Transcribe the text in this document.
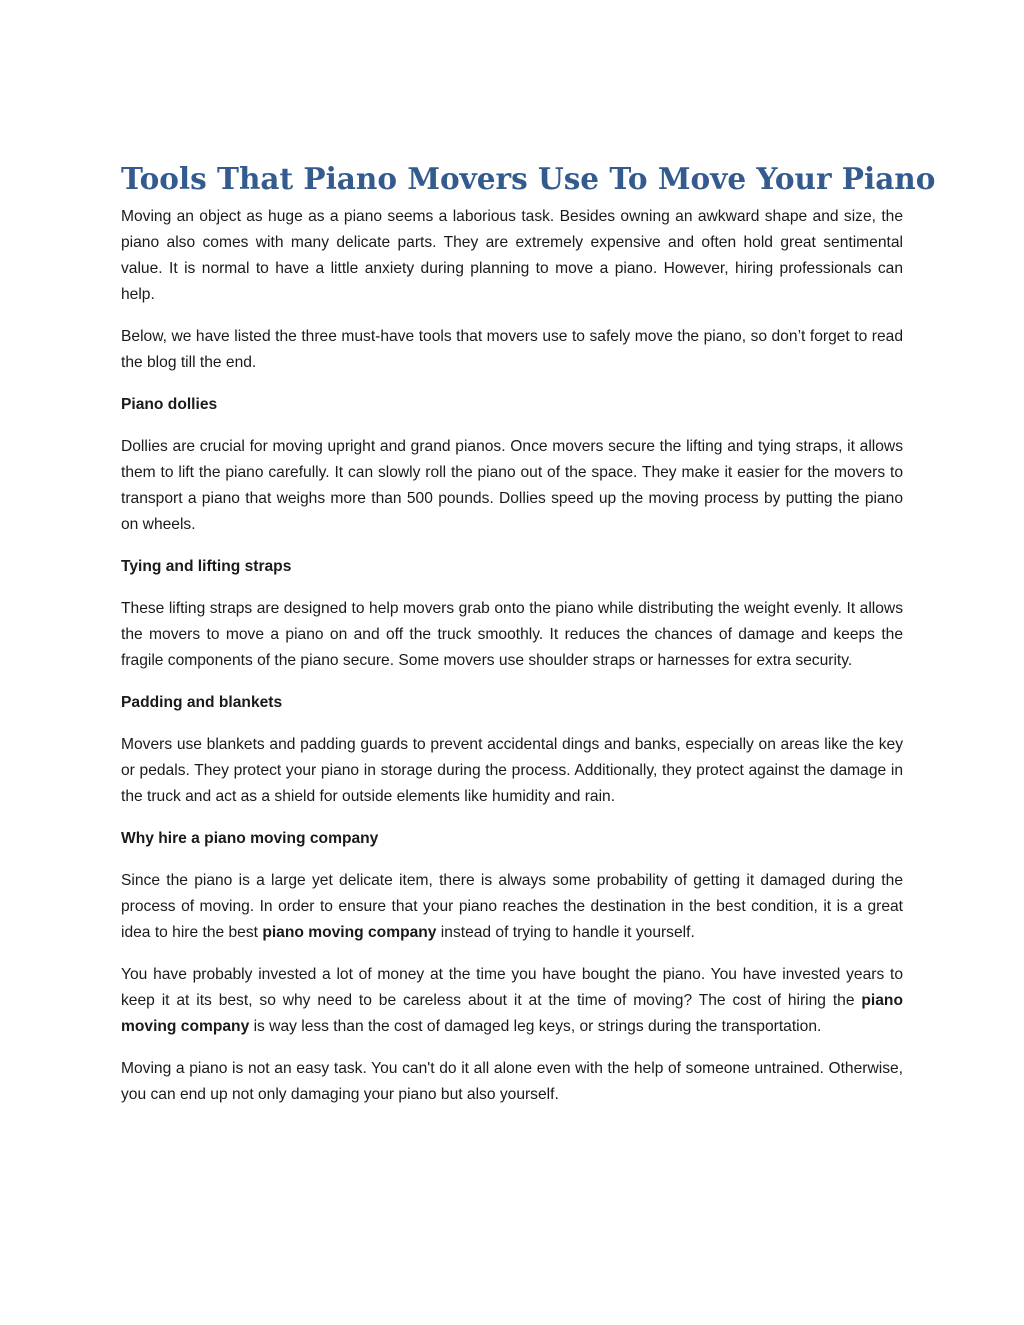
Tools That Piano Movers Use To Move Your Piano

Moving an object as huge as a piano seems a laborious task. Besides owning an awkward shape and size, the piano also comes with many delicate parts. They are extremely expensive and often hold great sentimental value. It is normal to have a little anxiety during planning to move a piano. However, hiring professionals can help.

Below, we have listed the three must-have tools that movers use to safely move the piano, so don’t forget to read the blog till the end.

Piano dollies

Dollies are crucial for moving upright and grand pianos. Once movers secure the lifting and tying straps, it allows them to lift the piano carefully. It can slowly roll the piano out of the space. They make it easier for the movers to transport a piano that weighs more than 500 pounds. Dollies speed up the moving process by putting the piano on wheels.

Tying and lifting straps

These lifting straps are designed to help movers grab onto the piano while distributing the weight evenly. It allows the movers to move a piano on and off the truck smoothly. It reduces the chances of damage and keeps the fragile components of the piano secure. Some movers use shoulder straps or harnesses for extra security.

Padding and blankets

Movers use blankets and padding guards to prevent accidental dings and banks, especially on areas like the key or pedals. They protect your piano in storage during the process. Additionally, they protect against the damage in the truck and act as a shield for outside elements like humidity and rain.

Why hire a piano moving company

Since the piano is a large yet delicate item, there is always some probability of getting it damaged during the process of moving. In order to ensure that your piano reaches the destination in the best condition, it is a great idea to hire the best piano moving company instead of trying to handle it yourself.

You have probably invested a lot of money at the time you have bought the piano. You have invested years to keep it at its best, so why need to be careless about it at the time of moving? The cost of hiring the piano moving company is way less than the cost of damaged leg keys, or strings during the transportation.

Moving a piano is not an easy task. You can't do it all alone even with the help of someone untrained. Otherwise, you can end up not only damaging your piano but also yourself.
